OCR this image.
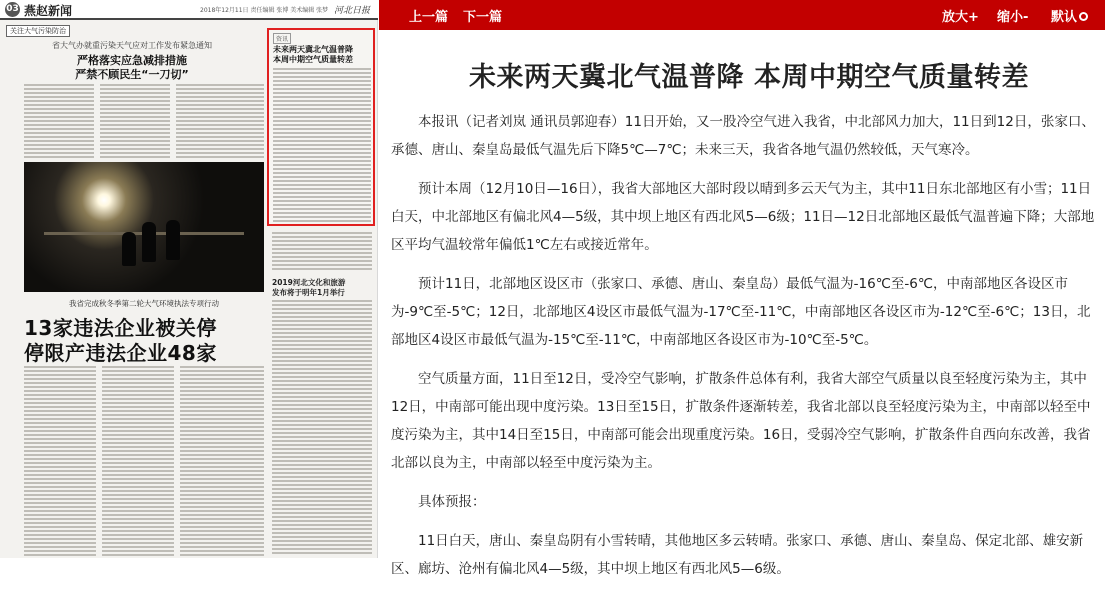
03 燕赵新闻	2018年12月11日 责任编辑 张博 美术编辑 张梦 河北日报
关注大气污染防治
省大气办就重污染天气应对工作发布紧急通知
严格落实应急减排措施
严禁不顾民生“一刀切”
我省完成秋冬季第二轮大气环境执法专项行动
13家违法企业被关停
停限产违法企业48家
资讯
未来两天冀北气温普降
本周中期空气质量转差
2019河北文化和旅游
发布将于明年1月举行
上一篇 下一篇	放大+ 缩小- 默认
未来两天冀北气温普降 本周中期空气质量转差

本报讯（记者刘岚 通讯员郭迎春）11日开始，又一股冷空气进入我省，中北部风力加大，11日到12日，张家口、承德、唐山、秦皇岛最低气温先后下降5℃—7℃；未来三天，我省各地气温仍然较低，天气寒冷。

预计本周（12月10日—16日），我省大部地区大部时段以晴到多云天气为主，其中11日东北部地区有小雪；11日白天，中北部地区有偏北风4—5级，其中坝上地区有西北风5—6级；11日—12日北部地区最低气温普遍下降；大部地区平均气温较常年偏低1℃左右或接近常年。

预计11日，北部地区设区市（张家口、承德、唐山、秦皇岛）最低气温为-16℃至-6℃，中南部地区各设区市为-9℃至-5℃；12日，北部地区4设区市最低气温为-17℃至-11℃，中南部地区各设区市为-12℃至-6℃；13日，北部地区4设区市最低气温为-15℃至-11℃，中南部地区各设区市为-10℃至-5℃。

空气质量方面，11日至12日，受冷空气影响，扩散条件总体有利，我省大部空气质量以良至轻度污染为主，其中12日，中南部可能出现中度污染。13日至15日，扩散条件逐渐转差，我省北部以良至轻度污染为主，中南部以轻至中度污染为主，其中14日至15日，中南部可能会出现重度污染。16日，受弱冷空气影响，扩散条件自西向东改善，我省北部以良为主，中南部以轻至中度污染为主。

具体预报：

11日白天，唐山、秦皇岛阴有小雪转晴，其他地区多云转晴。张家口、承德、唐山、秦皇岛、保定北部、雄安新区、廊坊、沧州有偏北风4—5级，其中坝上地区有西北风5—6级。
